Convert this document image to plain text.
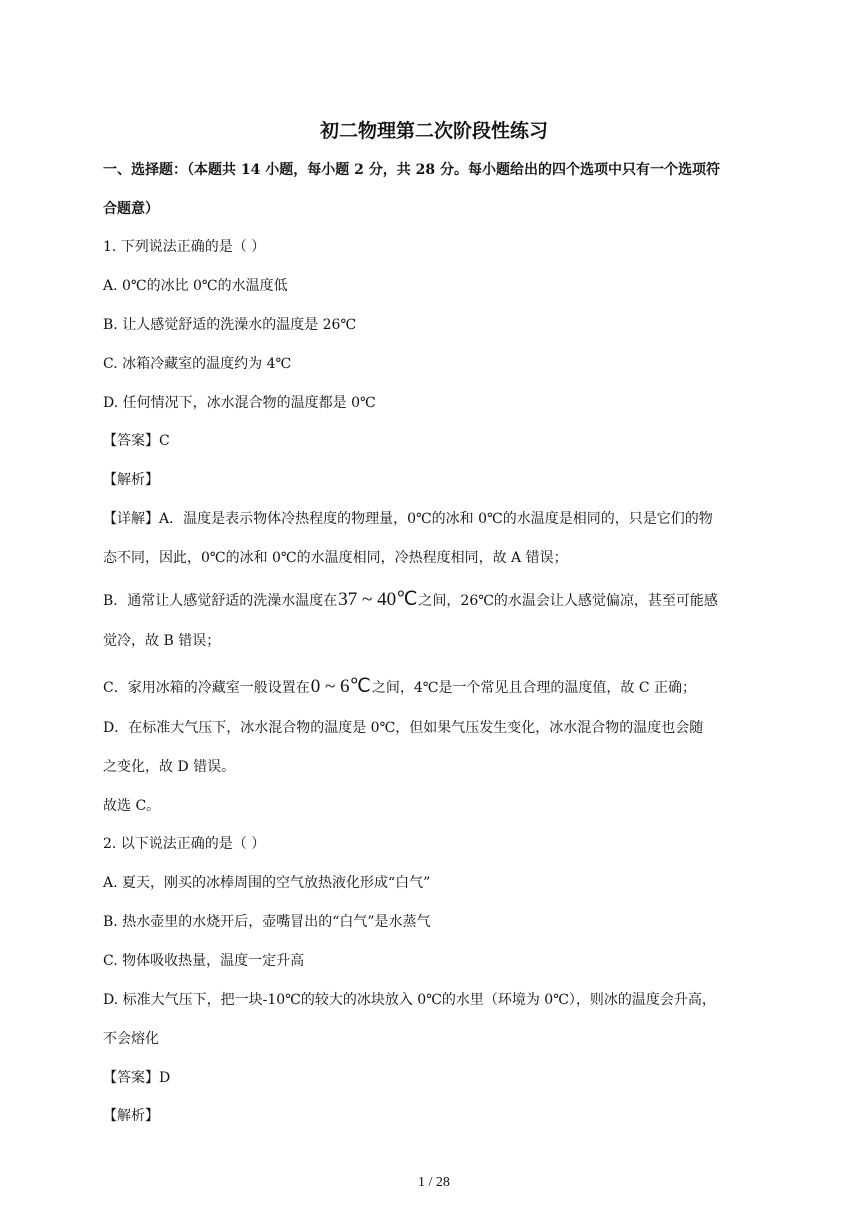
初二物理第二次阶段性练习
一、选择题：（本题共 14 小题，每小题 2 分，共 28 分。每小题给出的四个选项中只有一个选项符
合题意）
1. 下列说法正确的是（ ）
A. 0℃的冰比 0℃的水温度低
B. 让人感觉舒适的洗澡水的温度是 26℃
C. 冰箱冷藏室的温度约为 4℃
D. 任何情况下，冰水混合物的温度都是 0℃
【答案】C
【解析】
【详解】A．温度是表示物体冷热程度的物理量，0℃的冰和 0℃的水温度是相同的，只是它们的物
态不同，因此，0℃的冰和 0℃的水温度相同，冷热程度相同，故 A 错误；
B．通常让人感觉舒适的洗澡水温度在37 ~ 40℃之间，26℃的水温会让人感觉偏凉，甚至可能感
觉冷，故 B 错误；
C．家用冰箱的冷藏室一般设置在0 ~ 6℃之间，4℃是一个常见且合理的温度值，故 C 正确；
D．在标准大气压下，冰水混合物的温度是 0℃，但如果气压发生变化，冰水混合物的温度也会随
之变化，故 D 错误。
故选 C。
2. 以下说法正确的是（ ）
A. 夏天，刚买的冰棒周围的空气放热液化形成“白气”
B. 热水壶里的水烧开后，壶嘴冒出的“白气”是水蒸气
C. 物体吸收热量，温度一定升高
D. 标准大气压下，把一块-10℃的较大的冰块放入 0℃的水里（环境为 0℃），则冰的温度会升高，
不会熔化
【答案】D
【解析】
1 / 28
